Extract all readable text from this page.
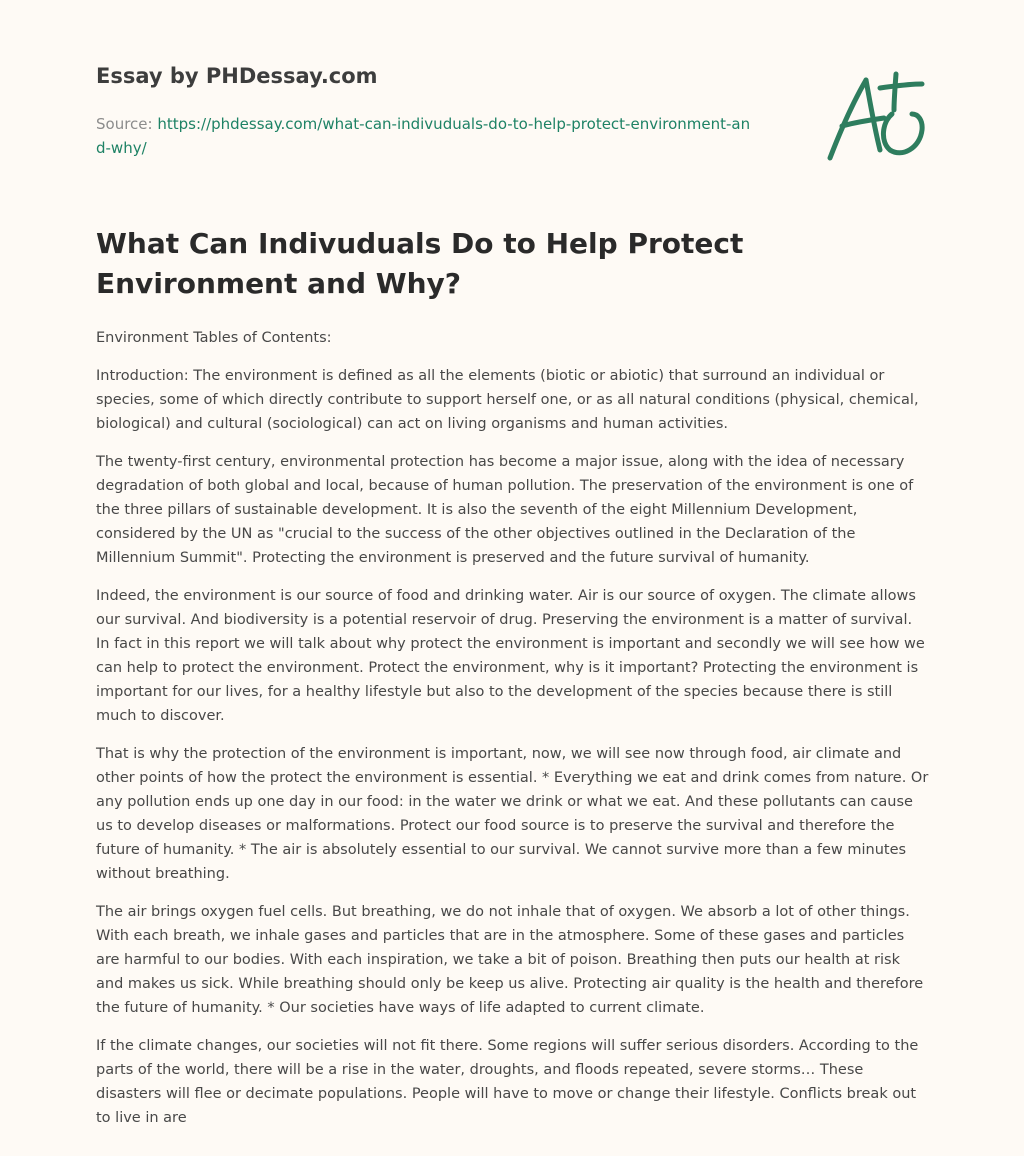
Essay by PHDessay.com

Source: https://phdessay.com/what-can-indivuduals-do-to-help-protect-environment-and-why/

What Can Indivuduals Do to Help Protect Environment and Why?

Environment Tables of Contents:

Introduction: The environment is defined as all the elements (biotic or abiotic) that surround an individual or species, some of which directly contribute to support herself one, or as all natural conditions (physical, chemical, biological) and cultural (sociological) can act on living organisms and human activities.

The twenty-first century, environmental protection has become a major issue, along with the idea of necessary degradation of both global and local, because of human pollution. The preservation of the environment is one of the three pillars of sustainable development. It is also the seventh of the eight Millennium Development, considered by the UN as "crucial to the success of the other objectives outlined in the Declaration of the Millennium Summit". Protecting the environment is preserved and the future survival of humanity.

Indeed, the environment is our source of food and drinking water. Air is our source of oxygen. The climate allows our survival. And biodiversity is a potential reservoir of drug. Preserving the environment is a matter of survival. In fact in this report we will talk about why protect the environment is important and secondly we will see how we can help to protect the environment. Protect the environment, why is it important? Protecting the environment is important for our lives, for a healthy lifestyle but also to the development of the species because there is still much to discover.

That is why the protection of the environment is important, now, we will see now through food, air climate and other points of how the protect the environment is essential. * Everything we eat and drink comes from nature. Or any pollution ends up one day in our food: in the water we drink or what we eat. And these pollutants can cause us to develop diseases or malformations. Protect our food source is to preserve the survival and therefore the future of humanity. * The air is absolutely essential to our survival. We cannot survive more than a few minutes without breathing.

The air brings oxygen fuel cells. But breathing, we do not inhale that of oxygen. We absorb a lot of other things. With each breath, we inhale gases and particles that are in the atmosphere. Some of these gases and particles are harmful to our bodies. With each inspiration, we take a bit of poison. Breathing then puts our health at risk and makes us sick. While breathing should only be keep us alive. Protecting air quality is the health and therefore the future of humanity. * Our societies have ways of life adapted to current climate.

If the climate changes, our societies will not fit there. Some regions will suffer serious disorders. According to the parts of the world, there will be a rise in the water, droughts, and floods repeated, severe storms… These disasters will flee or decimate populations. People will have to move or change their lifestyle. Conflicts break out to live in are
